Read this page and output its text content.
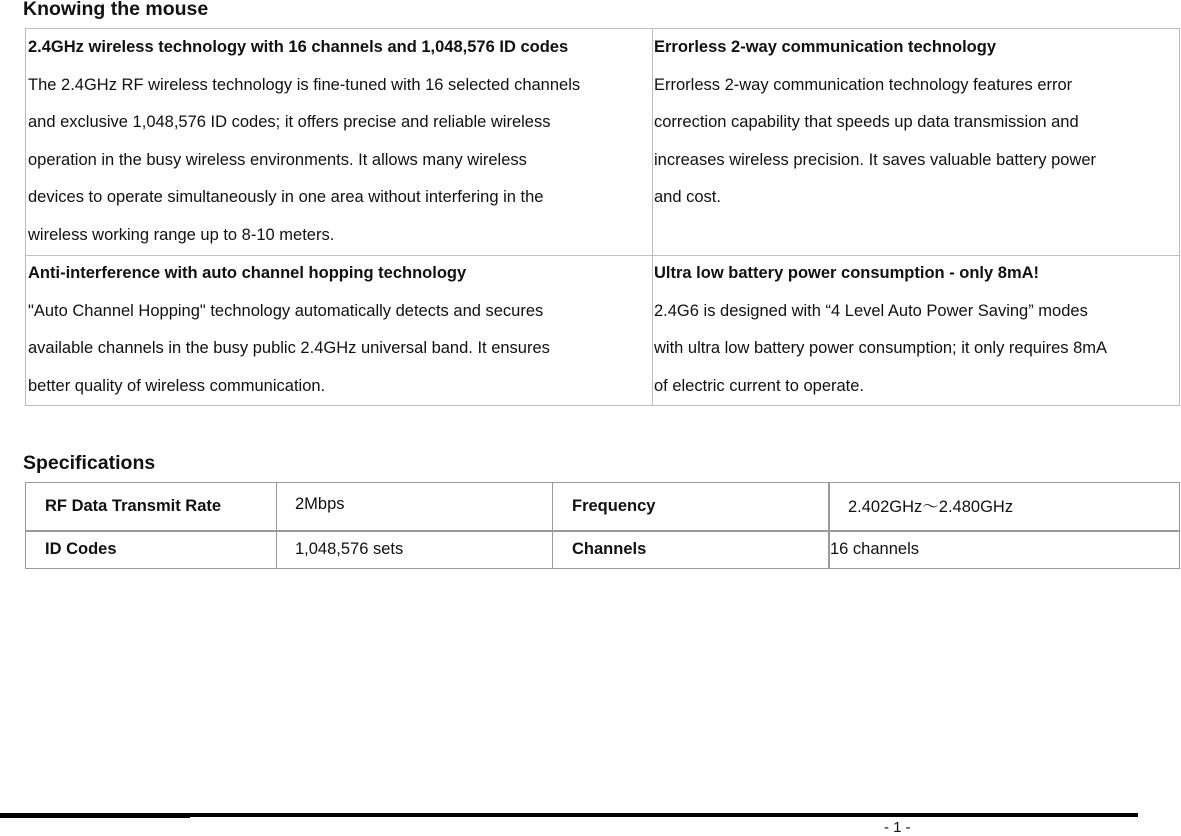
Knowing the mouse
2.4GHz wireless technology with 16 channels and 1,048,576 ID codes

The 2.4GHz RF wireless technology is fine-tuned with 16 selected channels

and exclusive 1,048,576 ID codes; it offers precise and reliable wireless

operation in the busy wireless environments. It allows many wireless

devices to operate simultaneously in one area without interfering in the

wireless working range up to 8-10 meters.

Errorless 2-way communication technology

Errorless 2-way communication technology features error

correction capability that speeds up data transmission and

increases wireless precision. It saves valuable battery power

and cost.

Anti-interference with auto channel hopping technology

"Auto Channel Hopping" technology automatically detects and secures

available channels in the busy public 2.4GHz universal band. It ensures

better quality of wireless communication.

Ultra low battery power consumption - only 8mA!

2.4G6 is designed with “4 Level Auto Power Saving” modes

with ultra low battery power consumption; it only requires 8mA

of electric current to operate.

Specifications
RF Data Transmit Rate	2Mbps	Frequency	2.402GHz～2.480GHz
ID Codes	1,048,576 sets	Channels	16 channels
- 1 -
